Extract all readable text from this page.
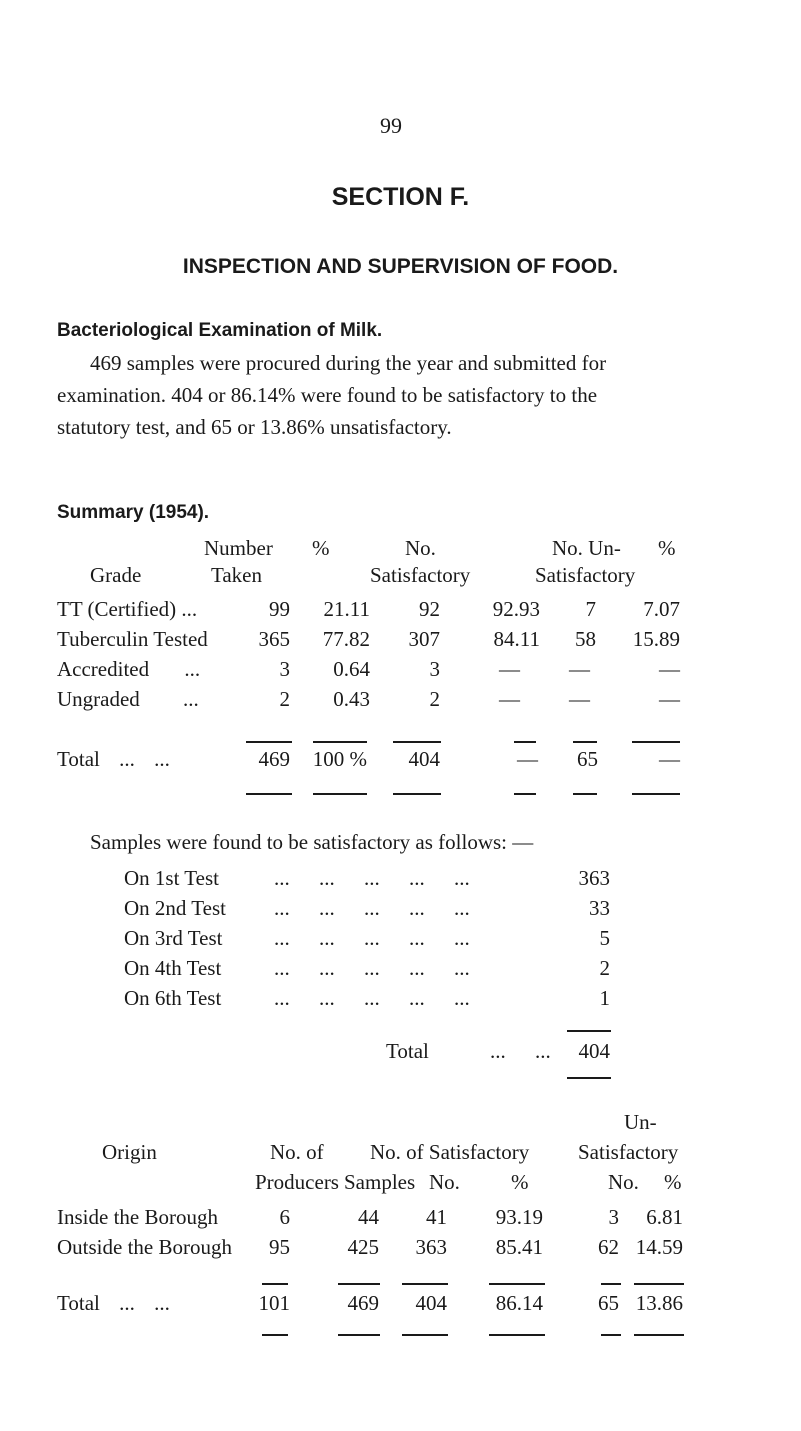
99
SECTION F.
INSPECTION AND SUPERVISION OF FOOD.
Bacteriological Examination of Milk.
469 samples were procured during the year and submitted for
examination. 404 or 86.14% were found to be satisfactory to the
statutory test, and 65 or 13.86% unsatisfactory.
Summary (1954).
Number %	No.	No. Un- %
Grade	Taken	Satisfactory	Satisfactory
TT (Certified) ...	99	21.11	92	92.93	7	7.07
Tuberculin Tested	365	77.82	307	84.11	58	15.89
Accredited ...	3	0.64	3	—	—	—
Ungraded ...	2	0.43	2	—	—	—
Total ... ...	469	100 %	404	—	65	—
Samples were found to be satisfactory as follows: —
On 1st Test	... ... ... ... ...	363
On 2nd Test ... ... ... ... ...	33
On 3rd Test ... ... ... ... ...	5
On 4th Test	... ... ... ... ...	2
On 6th Test	... ... ... ... ...	1
Total	... ...	404
Un-
Origin	No. of No. of Satisfactory Satisfactory
Producers Samples No. %	No. %
Inside the Borough	6	44	41	93.19	3	6.81
Outside the Borough	95	425	363	85.41	62 14.59
Total ... ...	101	469	404	86.14	65 13.86
